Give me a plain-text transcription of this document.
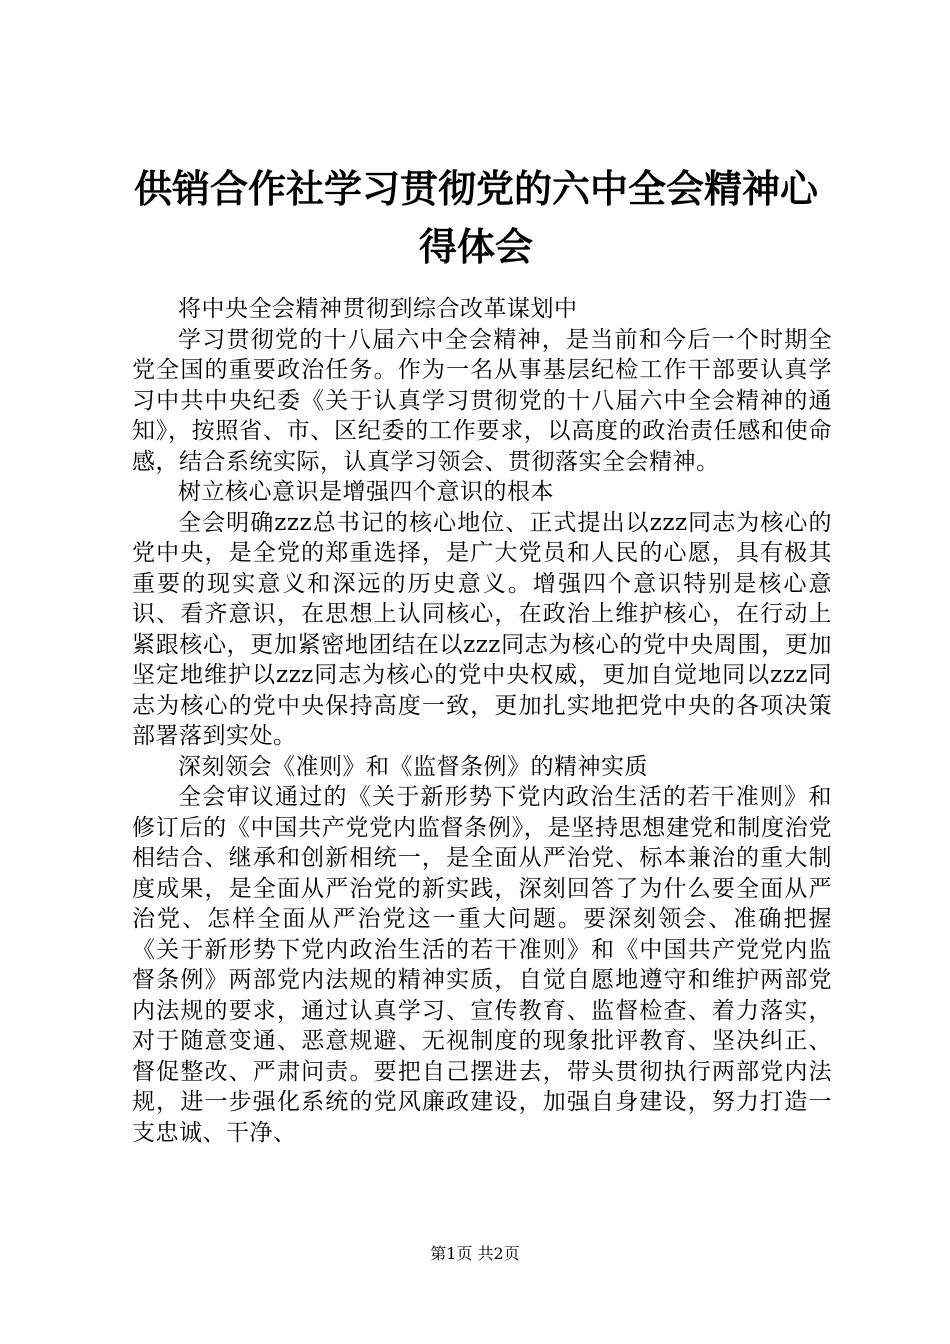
供销合作社学习贯彻党的六中全会精神心得体会

将中央全会精神贯彻到综合改革谋划中

学习贯彻党的十八届六中全会精神，是当前和今后一个时期全党全国的重要政治任务。作为一名从事基层纪检工作干部要认真学习中共中央纪委《关于认真学习贯彻党的十八届六中全会精神的通知》，按照省、市、区纪委的工作要求，以高度的政治责任感和使命感，结合系统实际，认真学习领会、贯彻落实全会精神。

树立核心意识是增强四个意识的根本

全会明确zzz总书记的核心地位、正式提出以zzz同志为核心的党中央，是全党的郑重选择，是广大党员和人民的心愿，具有极其重要的现实意义和深远的历史意义。增强四个意识特别是核心意识、看齐意识，在思想上认同核心，在政治上维护核心，在行动上紧跟核心，更加紧密地团结在以zzz同志为核心的党中央周围，更加坚定地维护以zzz同志为核心的党中央权威，更加自觉地同以zzz同志为核心的党中央保持高度一致，更加扎实地把党中央的各项决策部署落到实处。

深刻领会《准则》和《监督条例》的精神实质

全会审议通过的《关于新形势下党内政治生活的若干准则》和修订后的《中国共产党党内监督条例》，是坚持思想建党和制度治党相结合、继承和创新相统一，是全面从严治党、标本兼治的重大制度成果，是全面从严治党的新实践，深刻回答了为什么要全面从严治党、怎样全面从严治党这一重大问题。要深刻领会、准确把握《关于新形势下党内政治生活的若干准则》和《中国共产党党内监督条例》两部党内法规的精神实质，自觉自愿地遵守和维护两部党内法规的要求，通过认真学习、宣传教育、监督检查、着力落实，对于随意变通、恶意规避、无视制度的现象批评教育、坚决纠正、督促整改、严肃问责。要把自己摆进去，带头贯彻执行两部党内法规，进一步强化系统的党风廉政建设，加强自身建设，努力打造一支忠诚、干净、

第1页 共2页
